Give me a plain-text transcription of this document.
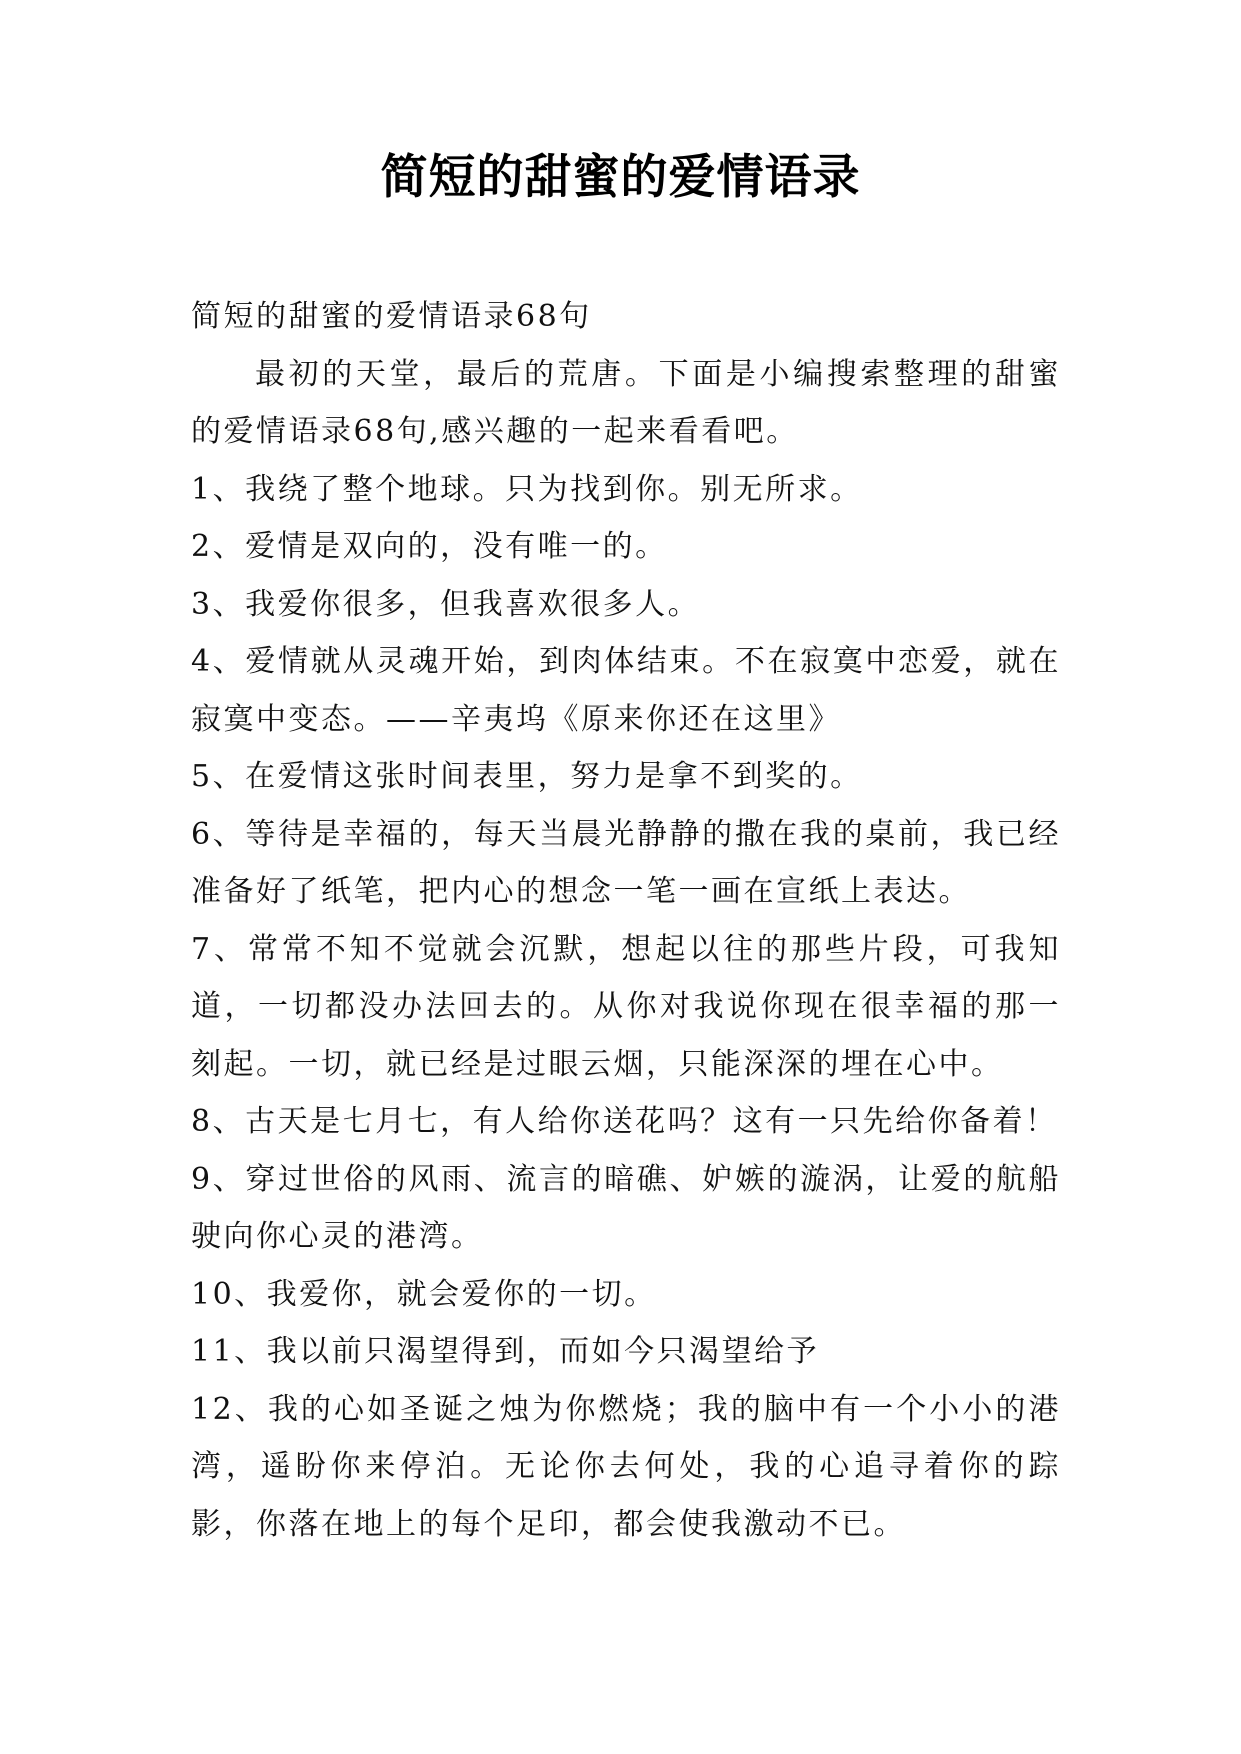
简短的甜蜜的爱情语录

简短的甜蜜的爱情语录68句

最初的天堂，最后的荒唐。下面是小编搜索整理的甜蜜的爱情语录68句,感兴趣的一起来看看吧。

1、我绕了整个地球。只为找到你。别无所求。

2、爱情是双向的，没有唯一的。

3、我爱你很多，但我喜欢很多人。

4、爱情就从灵魂开始，到肉体结束。不在寂寞中恋爱，就在寂寞中变态。——辛夷坞《原来你还在这里》

5、在爱情这张时间表里，努力是拿不到奖的。

6、等待是幸福的，每天当晨光静静的撒在我的桌前，我已经准备好了纸笔，把内心的想念一笔一画在宣纸上表达。

7、常常不知不觉就会沉默，想起以往的那些片段，可我知道，一切都没办法回去的。从你对我说你现在很幸福的那一刻起。一切，就已经是过眼云烟，只能深深的埋在心中。

8、古天是七月七，有人给你送花吗？这有一只先给你备着！

9、穿过世俗的风雨、流言的暗礁、妒嫉的漩涡，让爱的航船驶向你心灵的港湾。

10、我爱你，就会爱你的一切。

11、我以前只渴望得到，而如今只渴望给予

12、我的心如圣诞之烛为你燃烧；我的脑中有一个小小的港湾，遥盼你来停泊。无论你去何处，我的心追寻着你的踪影，你落在地上的每个足印，都会使我激动不已。
